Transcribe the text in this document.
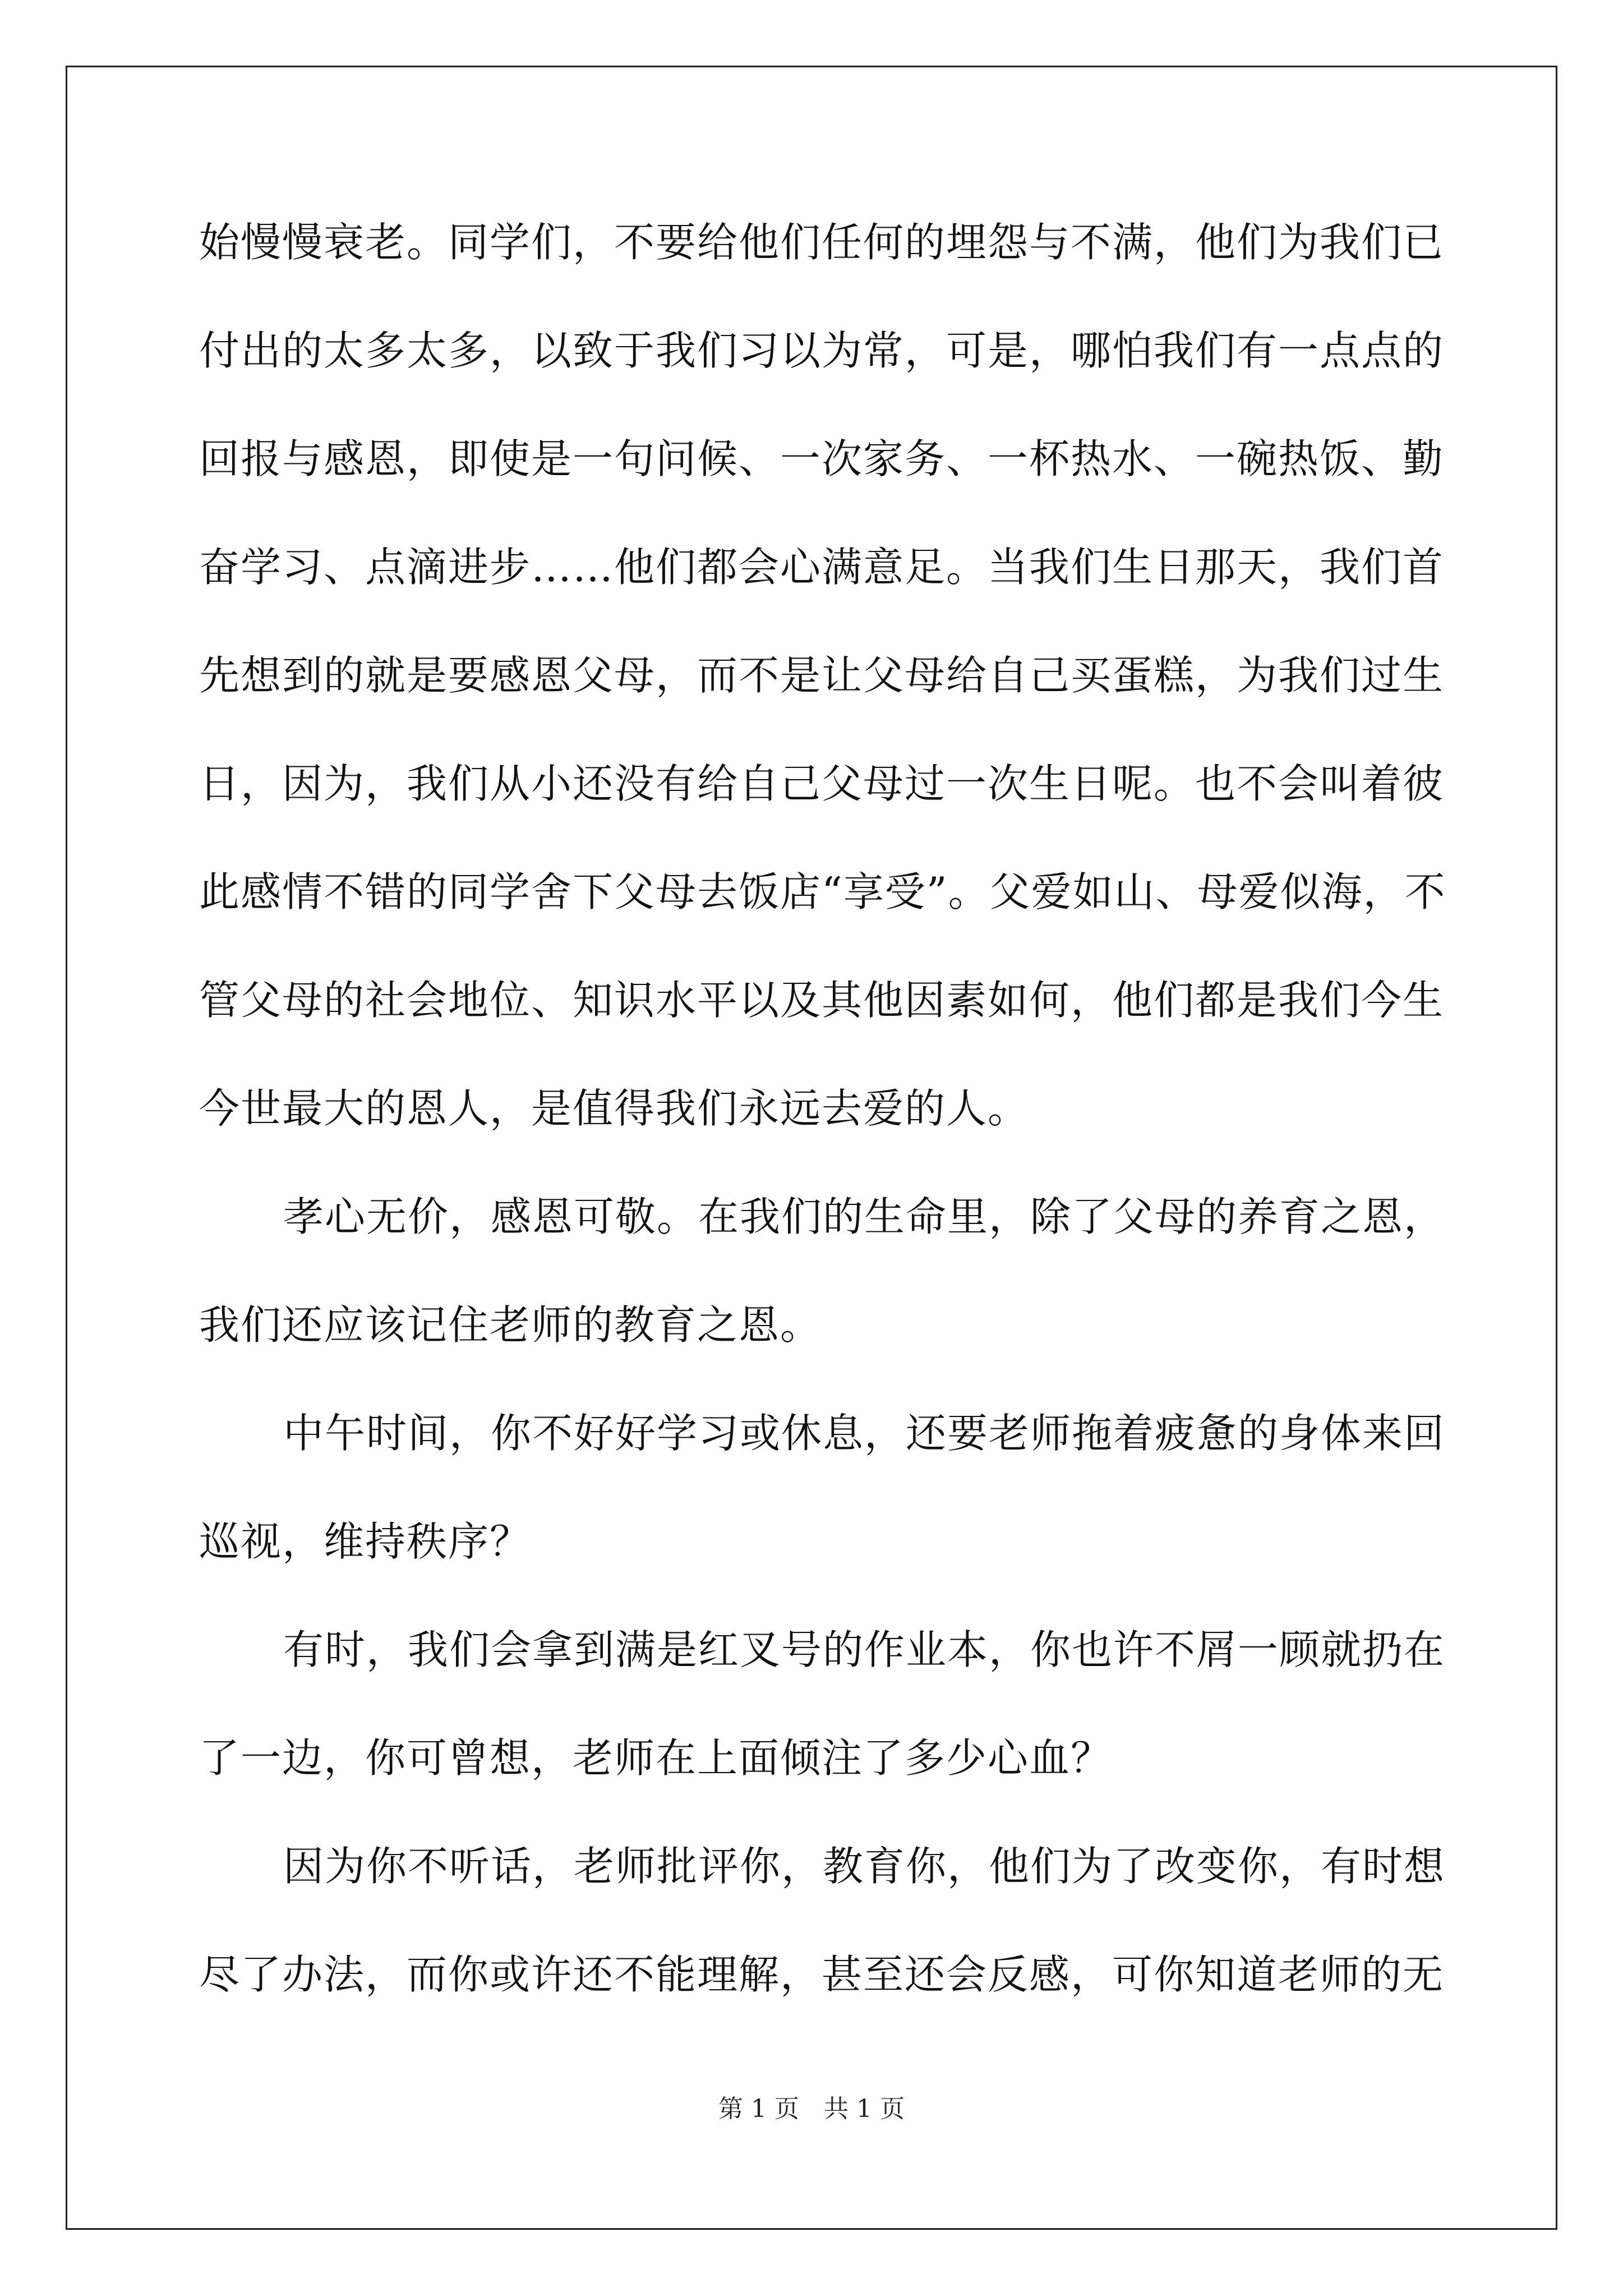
始慢慢衰老。同学们，不要给他们任何的埋怨与不满，他们为我们已
付出的太多太多，以致于我们习以为常，可是，哪怕我们有一点点的
回报与感恩，即使是一句问候、一次家务、一杯热水、一碗热饭、勤
奋学习、点滴进步……他们都会心满意足。当我们生日那天，我们首
先想到的就是要感恩父母，而不是让父母给自己买蛋糕，为我们过生
日，因为，我们从小还没有给自己父母过一次生日呢。也不会叫着彼
此感情不错的同学舍下父母去饭店“享受”。父爱如山、母爱似海，不
管父母的社会地位、知识水平以及其他因素如何，他们都是我们今生
今世最大的恩人，是值得我们永远去爱的人。
孝心无价，感恩可敬。在我们的生命里，除了父母的养育之恩，
我们还应该记住老师的教育之恩。
中午时间，你不好好学习或休息，还要老师拖着疲惫的身体来回
巡视，维持秩序？
有时，我们会拿到满是红叉号的作业本，你也许不屑一顾就扔在
了一边，你可曾想，老师在上面倾注了多少心血？
因为你不听话，老师批评你，教育你，他们为了改变你，有时想
尽了办法，而你或许还不能理解，甚至还会反感，可你知道老师的无
第 1 页　共 1 页
